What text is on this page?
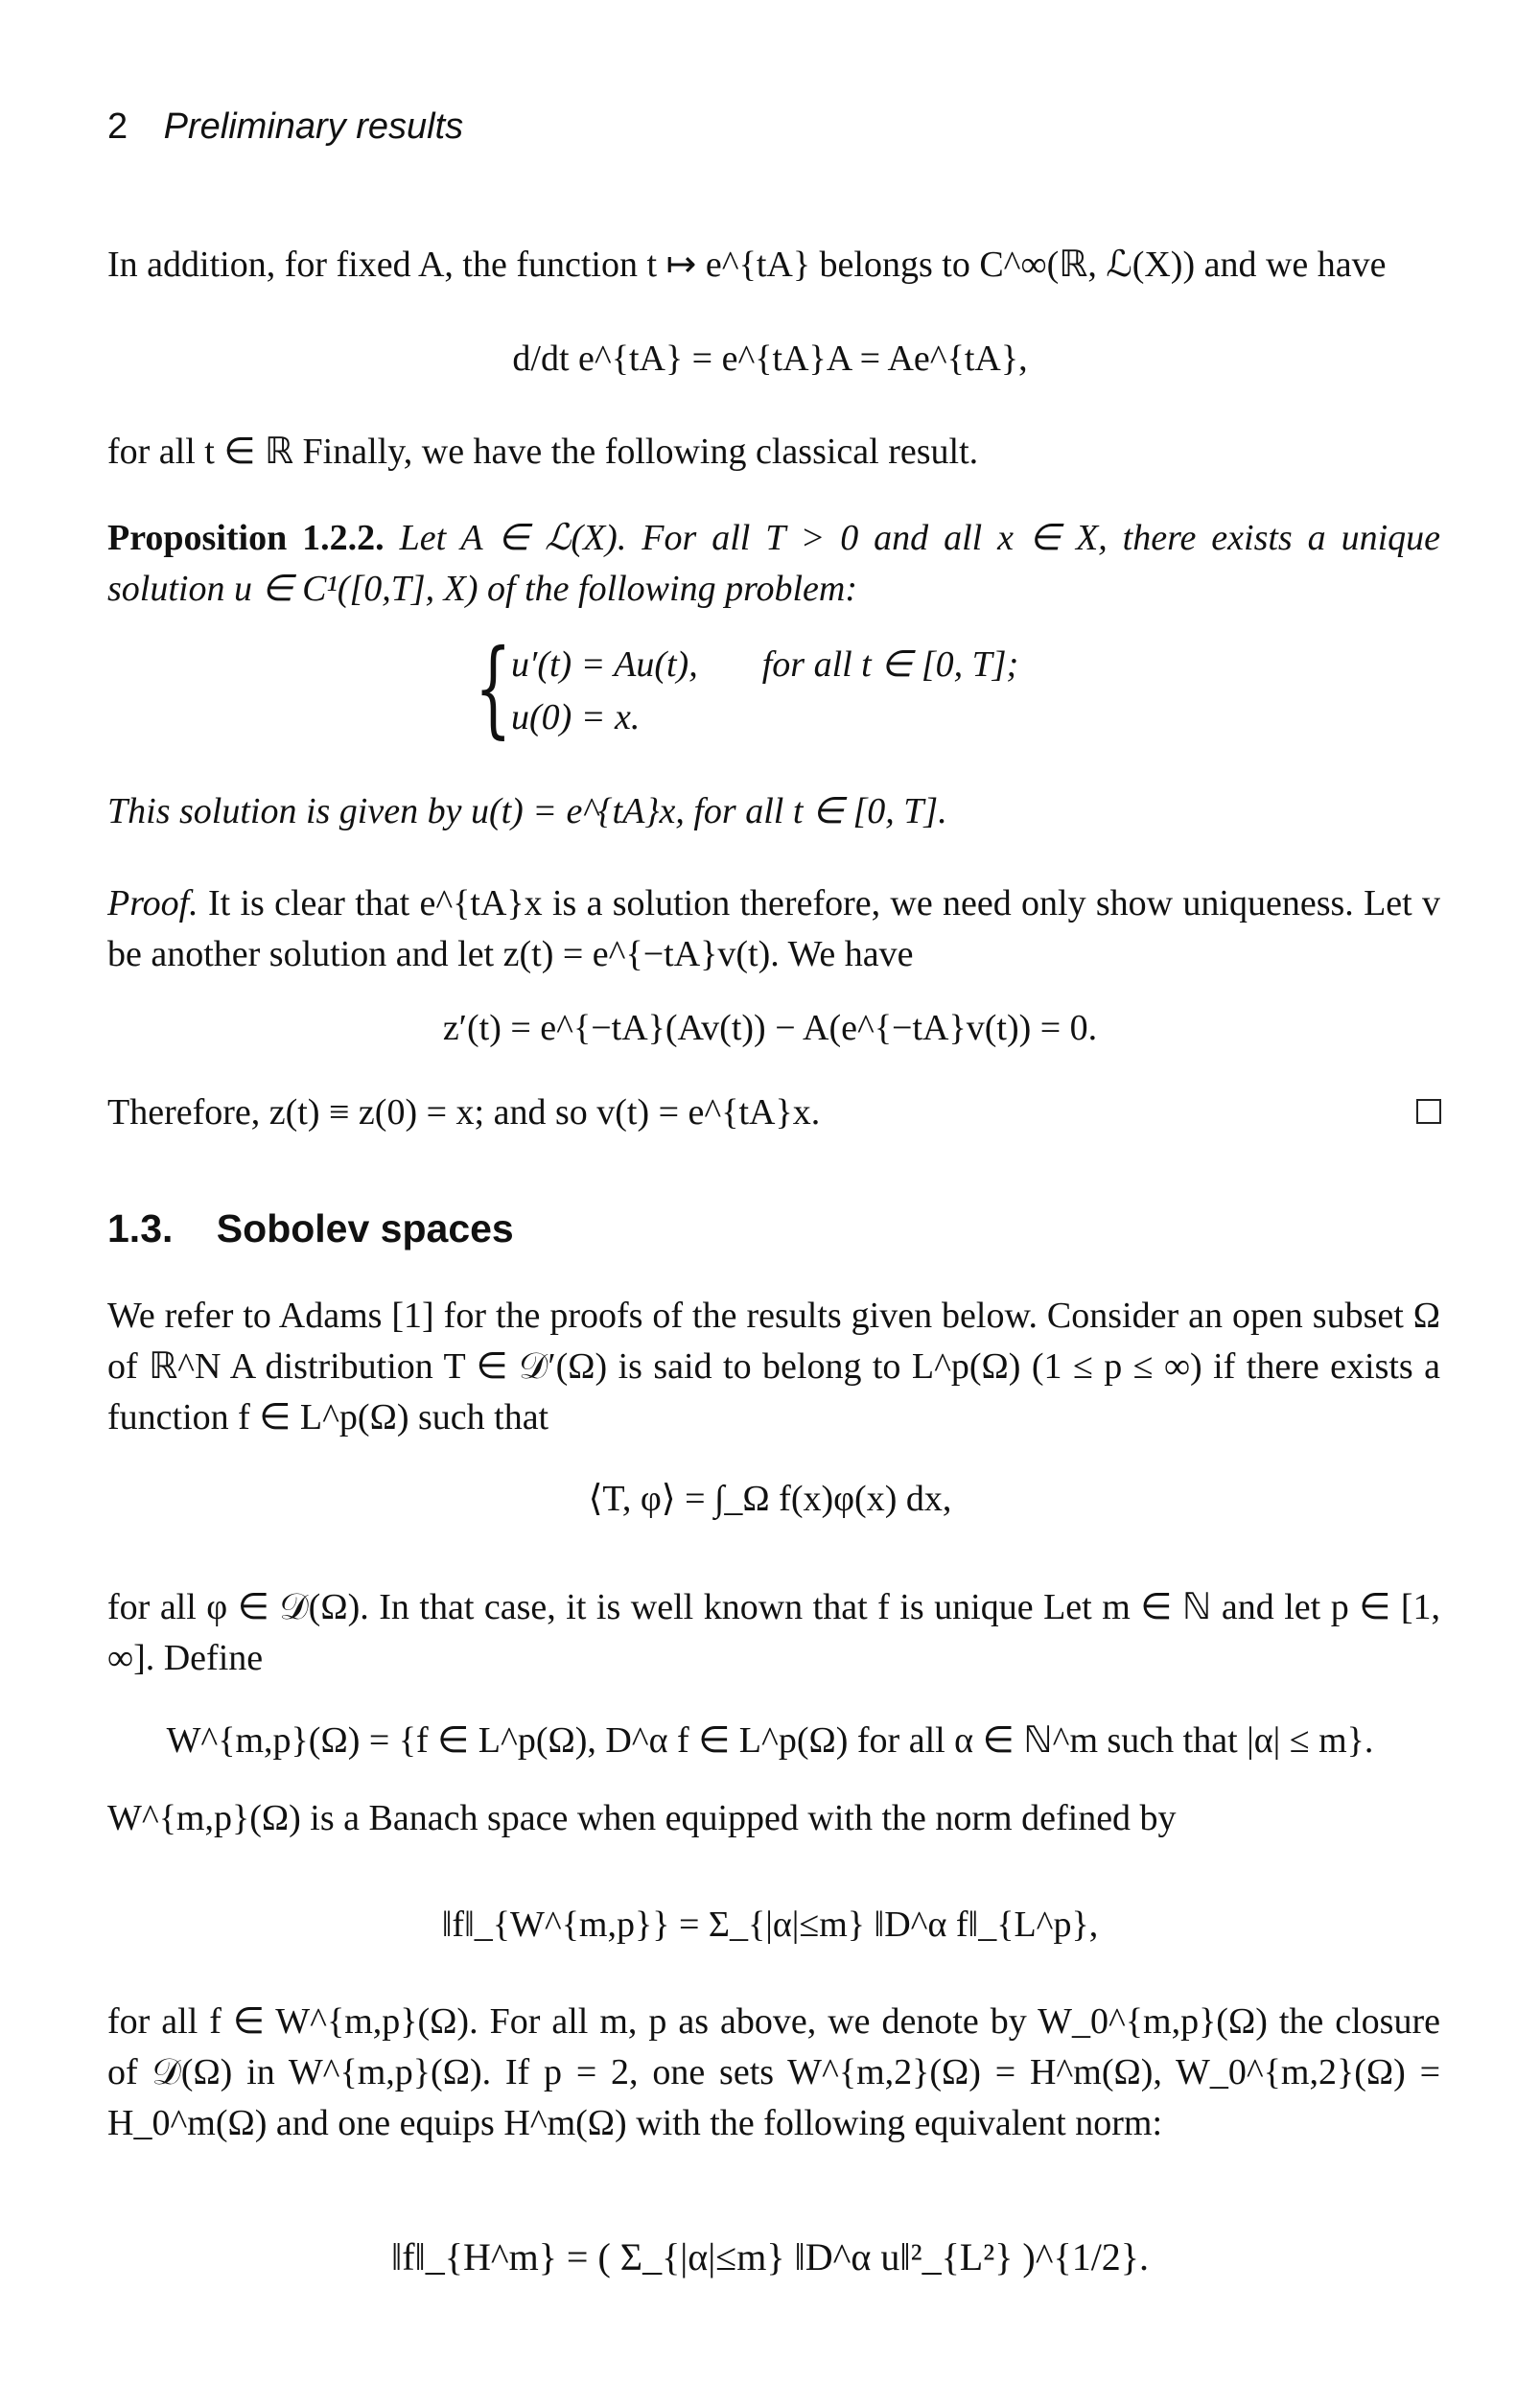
2 Preliminary results
In addition, for fixed A, the function t ↦ e^{tA} belongs to C^∞(ℝ, ℒ(X)) and we have
d/dt e^{tA} = e^{tA}A = Ae^{tA},
for all t ∈ ℝ Finally, we have the following classical result.
Proposition 1.2.2. Let A ∈ ℒ(X). For all T > 0 and all x ∈ X, there exists a unique solution u ∈ C¹([0,T], X) of the following problem:
{ u′(t) = Au(t), for all t ∈ [0, T];
u(0) = x.
This solution is given by u(t) = e^{tA}x, for all t ∈ [0, T].
Proof. It is clear that e^{tA}x is a solution therefore, we need only show uniqueness. Let v be another solution and let z(t) = e^{−tA}v(t). We have
z′(t) = e^{−tA}(Av(t)) − A(e^{−tA}v(t)) = 0.
Therefore, z(t) ≡ z(0) = x; and so v(t) = e^{tA}x.
1.3. Sobolev spaces
We refer to Adams [1] for the proofs of the results given below. Consider an open subset Ω of ℝ^N A distribution T ∈ 𝒟′(Ω) is said to belong to L^p(Ω) (1 ≤ p ≤ ∞) if there exists a function f ∈ L^p(Ω) such that
⟨T, φ⟩ = ∫_Ω f(x)φ(x) dx,
for all φ ∈ 𝒟(Ω). In that case, it is well known that f is unique Let m ∈ ℕ and let p ∈ [1, ∞]. Define
W^{m,p}(Ω) = {f ∈ L^p(Ω), D^α f ∈ L^p(Ω) for all α ∈ ℕ^m such that |α| ≤ m}.
W^{m,p}(Ω) is a Banach space when equipped with the norm defined by
‖f‖_{W^{m,p}} = Σ_{|α|≤m} ‖D^α f‖_{L^p},
for all f ∈ W^{m,p}(Ω). For all m, p as above, we denote by W_0^{m,p}(Ω) the closure of 𝒟(Ω) in W^{m,p}(Ω). If p = 2, one sets W^{m,2}(Ω) = H^m(Ω), W_0^{m,2}(Ω) = H_0^m(Ω) and one equips H^m(Ω) with the following equivalent norm:
‖f‖_{H^m} = ( Σ_{|α|≤m} ‖D^α u‖²_{L²} )^{1/2}.
